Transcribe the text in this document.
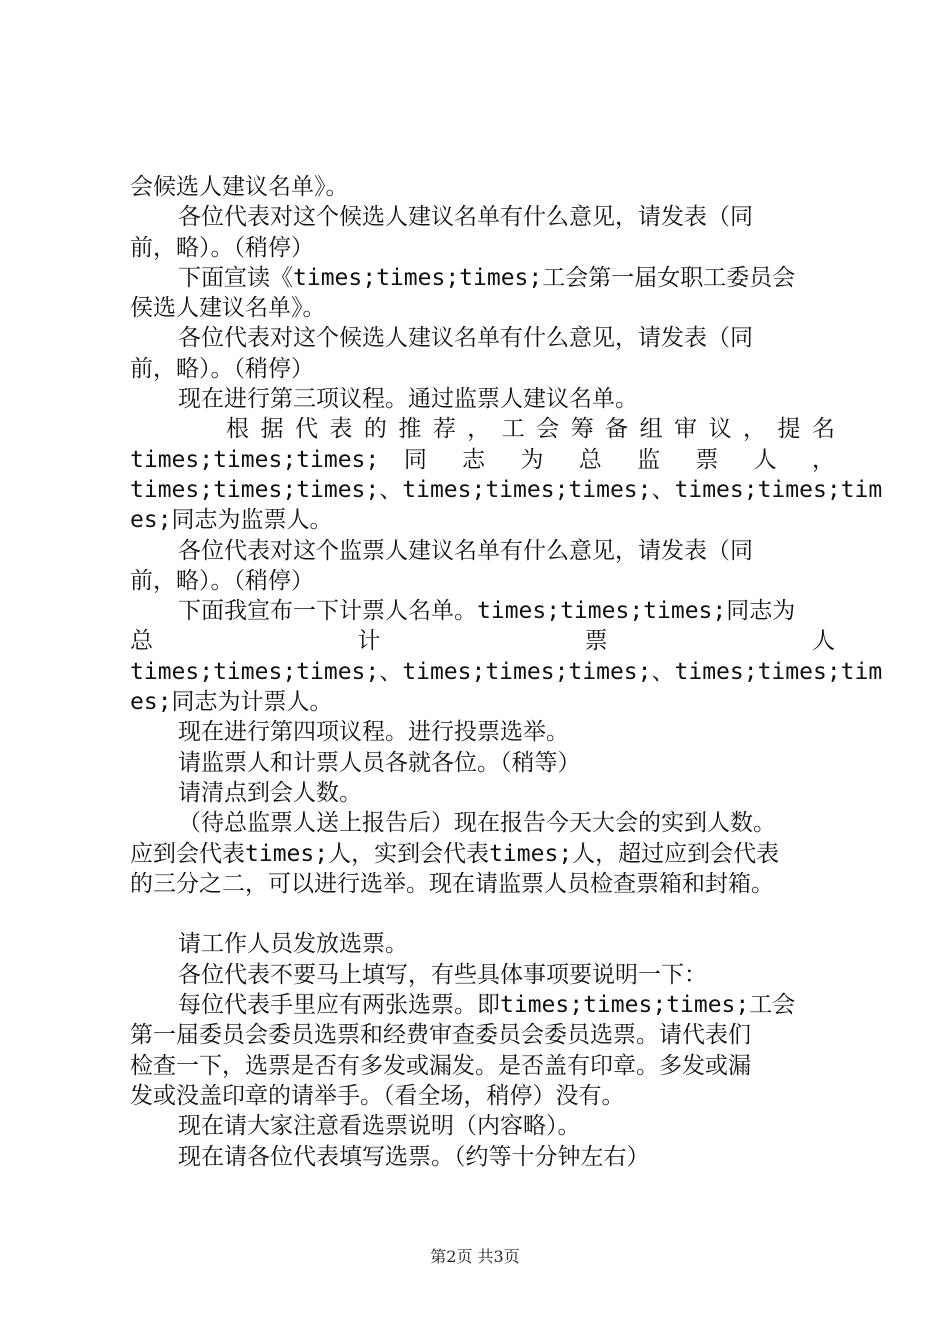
会候选人建议名单》。
各位代表对这个候选人建议名单有什么意见，请发表（同
前，略）。（稍停）
下面宣读《times;times;times;工会第一届女职工委员会
侯选人建议名单》。
各位代表对这个候选人建议名单有什么意见，请发表（同
前，略）。（稍停）
现在进行第三项议程。通过监票人建议名单。
根据代表的推荐，工会筹备组审议，提名
times;times;times; 同 志 为 总 监 票 人 ，
times;times;times;、times;times;times;、times;times;tim
es;同志为监票人。
各位代表对这个监票人建议名单有什么意见，请发表（同
前，略）。（稍停）
下面我宣布一下计票人名单。times;times;times;同志为
总 计 票 人
times;times;times;、times;times;times;、times;times;tim
es;同志为计票人。
现在进行第四项议程。进行投票选举。
请监票人和计票人员各就各位。（稍等）
请清点到会人数。
（待总监票人送上报告后）现在报告今天大会的实到人数。
应到会代表times;人，实到会代表times;人，超过应到会代表
的三分之二，可以进行选举。现在请监票人员检查票箱和封箱。
请工作人员发放选票。
各位代表不要马上填写，有些具体事项要说明一下：
每位代表手里应有两张选票。即times;times;times;工会
第一届委员会委员选票和经费审查委员会委员选票。请代表们
检查一下，选票是否有多发或漏发。是否盖有印章。多发或漏
发或没盖印章的请举手。（看全场，稍停）没有。
现在请大家注意看选票说明（内容略）。
现在请各位代表填写选票。（约等十分钟左右）
第2页 共3页
